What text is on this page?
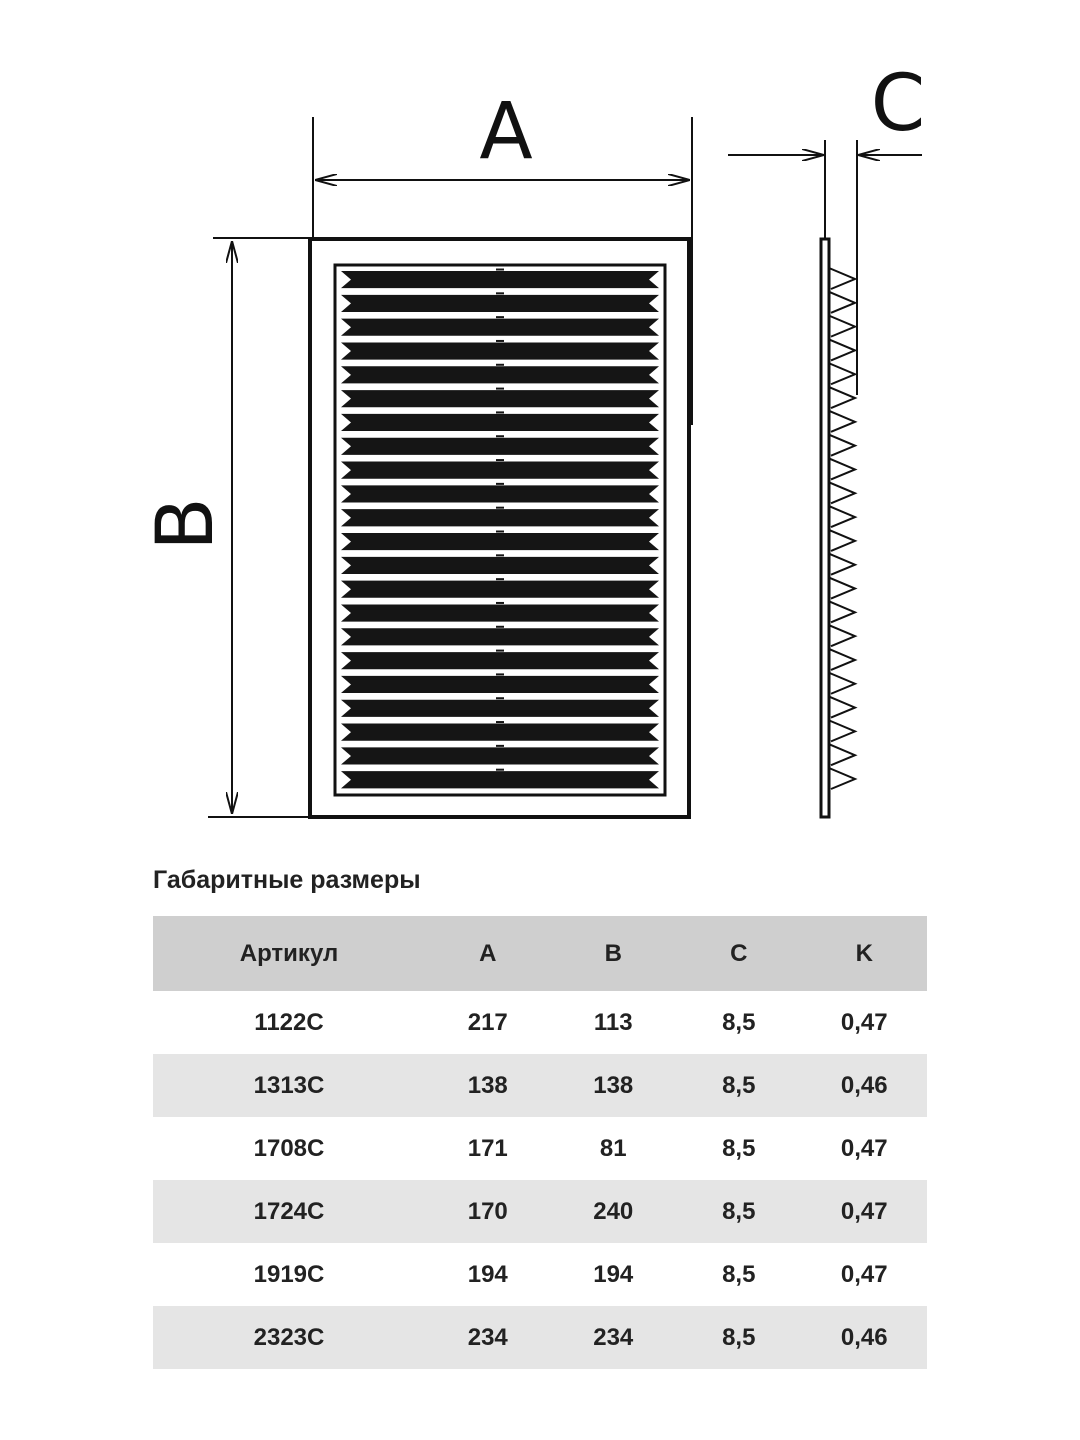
A
B
C
Габаритные размеры
Артикул	A	B	C	K
1122C	217	113	8,5	0,47
1313C	138	138	8,5	0,46
1708C	171	81	8,5	0,47
1724C	170	240	8,5	0,47
1919C	194	194	8,5	0,47
2323C	234	234	8,5	0,46
